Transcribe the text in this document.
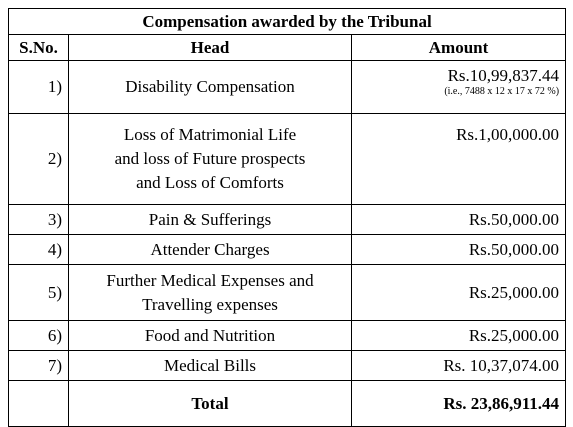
Compensation awarded by the Tribunal		
S.No.	Head	Amount
1)	Disability Compensation	Rs.10,99,837.44
(i.e., 7488 x 12 x 17 x 72 %)

2)	Loss of Matrimonial Life
and loss of Future prospects
and Loss of Comforts	Rs.1,00,000.00

3)	Pain & Sufferings	Rs.50,000.00
4)	Attender Charges	Rs.50,000.00
5)	Further Medical Expenses and
Travelling expenses	Rs.25,000.00
6)	Food and Nutrition	Rs.25,000.00
7)	Medical Bills	Rs. 10,37,074.00
	Total	Rs. 23,86,911.44
